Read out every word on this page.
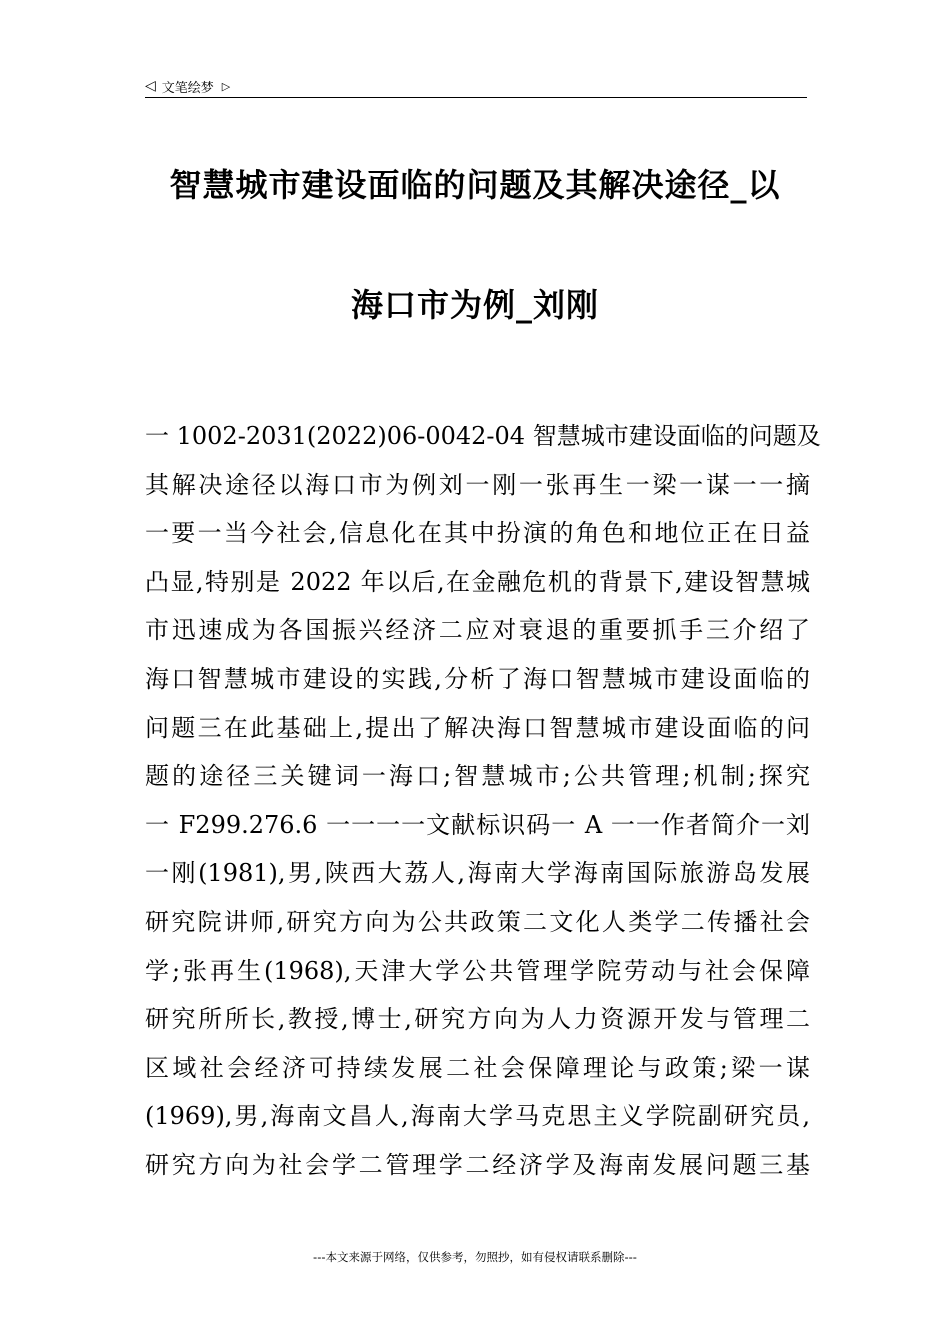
◁ 文笔绘梦 ▷
智慧城市建设面临的问题及其解决途径_以
海口市为例_刘刚
一 1002-2031(2022)06-0042-04 智慧城市建设面临的问题及
其解决途径以海口市为例刘一刚一张再生一梁一谋一一摘
一要一当今社会,信息化在其中扮演的角色和地位正在日益
凸显,特别是 2022 年以后,在金融危机的背景下,建设智慧城
市迅速成为各国振兴经济二应对衰退的重要抓手三介绍了
海口智慧城市建设的实践,分析了海口智慧城市建设面临的
问题三在此基础上,提出了解决海口智慧城市建设面临的问
题的途径三关键词一海口;智慧城市;公共管理;机制;探究
一 F299.276.6 一一一一文献标识码一 A 一一作者简介一刘
一刚(1981),男,陕西大荔人,海南大学海南国际旅游岛发展
研究院讲师,研究方向为公共政策二文化人类学二传播社会
学;张再生(1968),天津大学公共管理学院劳动与社会保障
研究所所长,教授,博士,研究方向为人力资源开发与管理二
区域社会经济可持续发展二社会保障理论与政策;梁一谋
(1969),男,海南文昌人,海南大学马克思主义学院副研究员,
研究方向为社会学二管理学二经济学及海南发展问题三基
---本文来源于网络，仅供参考，勿照抄，如有侵权请联系删除---
